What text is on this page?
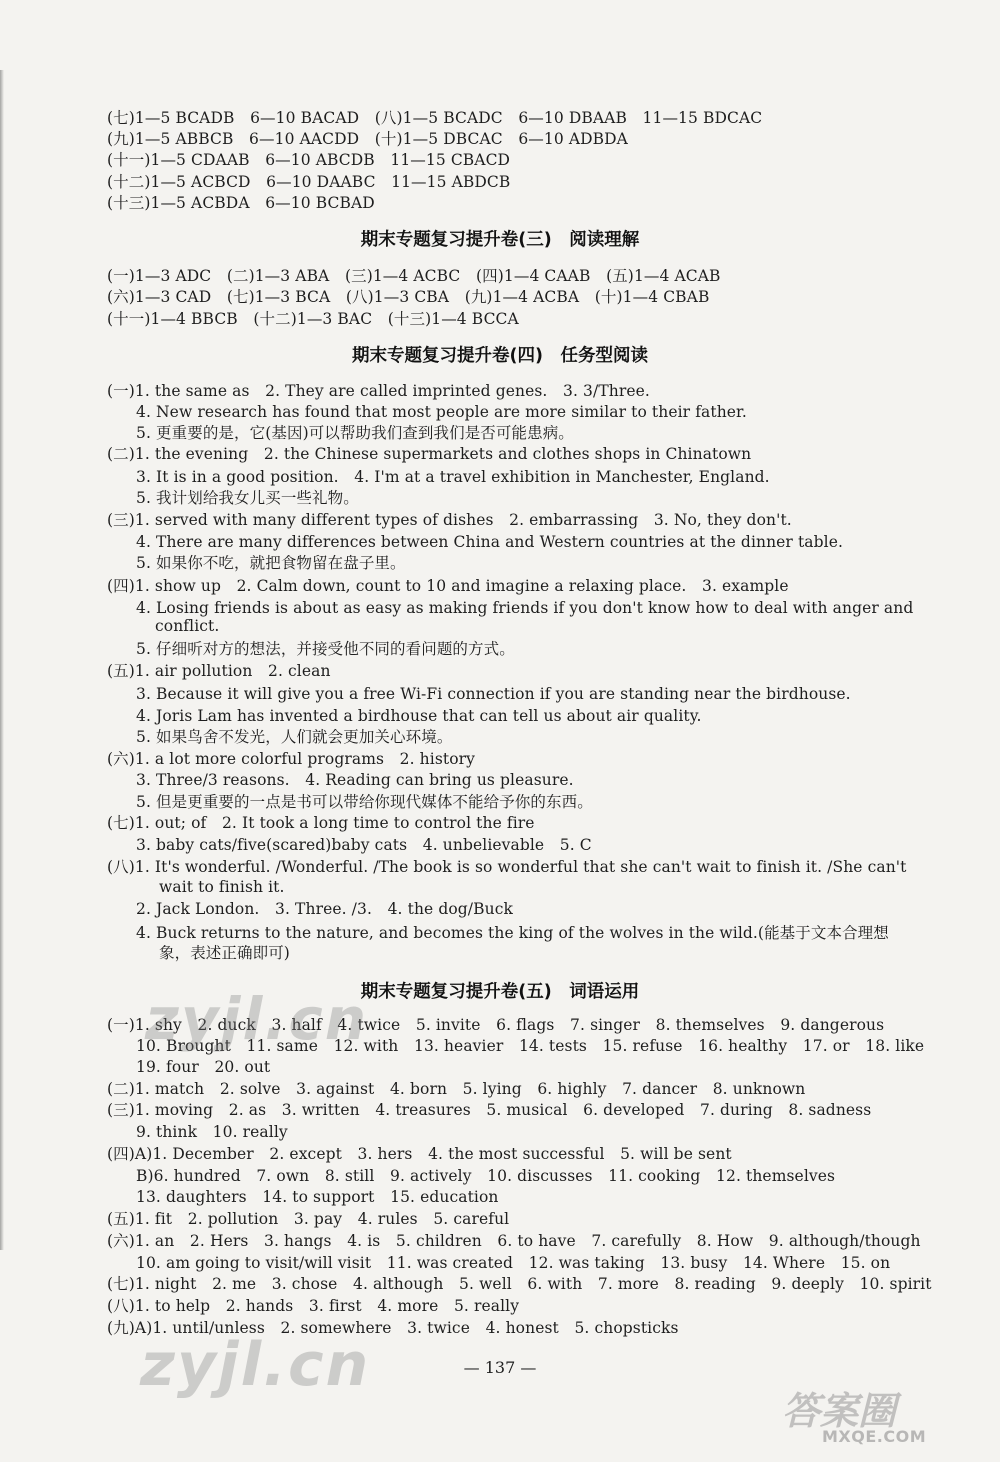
(七)1—5 BCADB　6—10 BACAD　(八)1—5 BCADC　6—10 DBAAB　11—15 BDCAC
(九)1—5 ABBCB　6—10 AACDD　(十)1—5 DBCAC　6—10 ADBDA
(十一)1—5 CDAAB　6—10 ABCDB　11—15 CBACD
(十二)1—5 ACBCD　6—10 DAABC　11—15 ABDCB
(十三)1—5 ACBDA　6—10 BCBAD
期末专题复习提升卷(三)　阅读理解
(一)1—3 ADC　(二)1—3 ABA　(三)1—4 ACBC　(四)1—4 CAAB　(五)1—4 ACAB
(六)1—3 CAD　(七)1—3 BCA　(八)1—3 CBA　(九)1—4 ACBA　(十)1—4 CBAB
(十一)1—4 BBCB　(十二)1—3 BAC　(十三)1—4 BCCA
期末专题复习提升卷(四)　任务型阅读
(一)1. the same as　2. They are called imprinted genes.　3. 3/Three.
4. New research has found that most people are more similar to their father.
5. 更重要的是，它(基因)可以帮助我们查到我们是否可能患病。
(二)1. the evening　2. the Chinese supermarkets and clothes shops in Chinatown
3. It is in a good position.　4. I'm at a travel exhibition in Manchester, England.
5. 我计划给我女儿买一些礼物。
(三)1. served with many different types of dishes　2. embarrassing　3. No, they don't.
4. There are many differences between China and Western countries at the dinner table.
5. 如果你不吃，就把食物留在盘子里。
(四)1. show up　2. Calm down, count to 10 and imagine a relaxing place.　3. example
4. Losing friends is about as easy as making friends if you don't know how to deal with anger and
conflict.
5. 仔细听对方的想法，并接受他不同的看问题的方式。
(五)1. air pollution　2. clean
3. Because it will give you a free Wi-Fi connection if you are standing near the birdhouse.
4. Joris Lam has invented a birdhouse that can tell us about air quality.
5. 如果鸟舍不发光，人们就会更加关心环境。
(六)1. a lot more colorful programs　2. history
3. Three/3 reasons.　4. Reading can bring us pleasure.
5. 但是更重要的一点是书可以带给你现代媒体不能给予你的东西。
(七)1. out; of　2. It took a long time to control the fire
3. baby cats/five(scared)baby cats　4. unbelievable　5. C
(八)1. It's wonderful. /Wonderful. /The book is so wonderful that she can't wait to finish it. /She can't
wait to finish it.
2. Jack London.　3. Three. /3.　4. the dog/Buck
4. Buck returns to the nature, and becomes the king of the wolves in the wild.(能基于文本合理想
象，表述正确即可)
期末专题复习提升卷(五)　词语运用
(一)1. shy　2. duck　3. half　4. twice　5. invite　6. flags　7. singer　8. themselves　9. dangerous
10. Brought　11. same　12. with　13. heavier　14. tests　15. refuse　16. healthy　17. or　18. like
19. four　20. out
(二)1. match　2. solve　3. against　4. born　5. lying　6. highly　7. dancer　8. unknown
(三)1. moving　2. as　3. written　4. treasures　5. musical　6. developed　7. during　8. sadness
9. think　10. really
(四)A)1. December　2. except　3. hers　4. the most successful　5. will be sent
B)6. hundred　7. own　8. still　9. actively　10. discusses　11. cooking　12. themselves
13. daughters　14. to support　15. education
(五)1. fit　2. pollution　3. pay　4. rules　5. careful
(六)1. an　2. Hers　3. hangs　4. is　5. children　6. to have　7. carefully　8. How　9. although/though
10. am going to visit/will visit　11. was created　12. was taking　13. busy　14. Where　15. on
(七)1. night　2. me　3. chose　4. although　5. well　6. with　7. more　8. reading　9. deeply　10. spirit
(八)1. to help　2. hands　3. first　4. more　5. really
(九)A)1. until/unless　2. somewhere　3. twice　4. honest　5. chopsticks
— 137 —
zyjl.cn
zyjl.cn
答案圈
MXQE.COM
